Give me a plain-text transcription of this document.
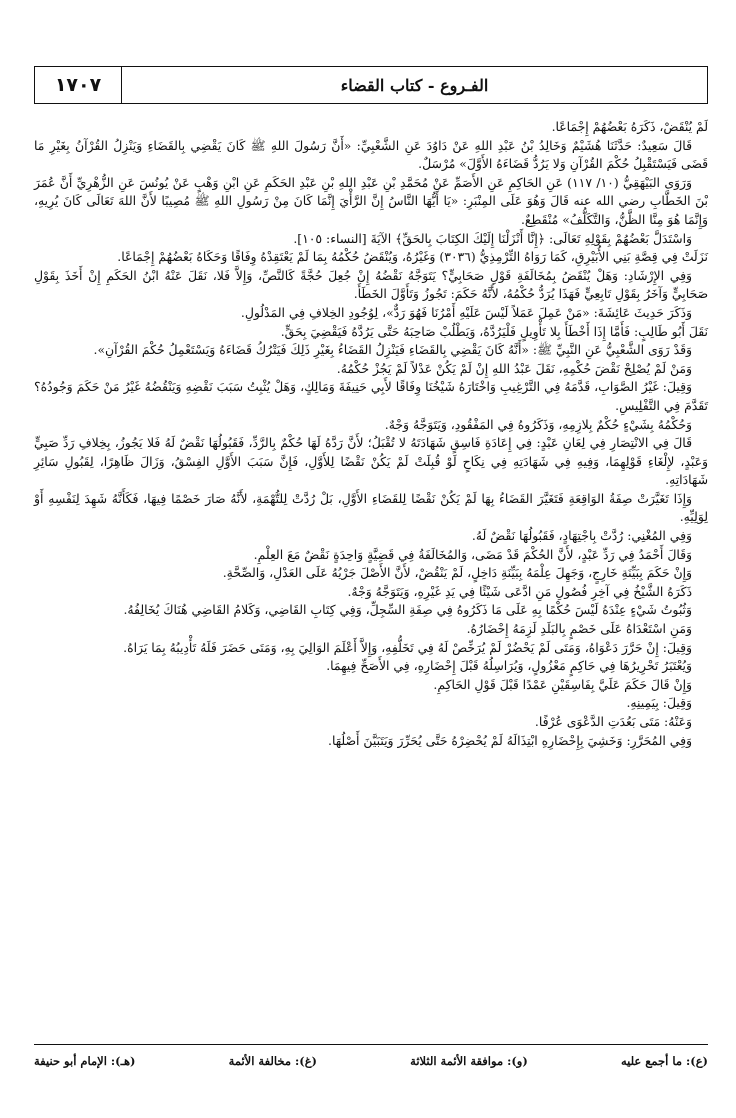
الفـروع - كتاب القضاء
١٧٠٧

لَمْ يُنْقَضْ، ذَكَرَهُ بَعْضُهُمْ إِجْمَاعًا.

قَالَ سَعِيدٌ: حَدَّثَنَا هُشَيْمٌ وَخَالِدُ بْنُ عَبْدِ اللهِ عَنْ دَاوُدَ عَنِ الشَّعْبِيِّ: «أَنَّ رَسُولَ اللهِ ﷺ كَانَ يَقْضِي بِالقَضَاءِ وَيَنْزِلُ القُرْآنُ بِغَيْرِ مَا قَضَى فَيَسْتَقْبِلُ حُكْمَ القُرْآنِ وَلا يَرُدُّ قَضَاءَهُ الأَوَّلَ» مُرْسَلٌ.

وَرَوَى البَيْهَقِيُّ (١٠/ ١١٧) عَنِ الحَاكِمِ عَنِ الأَصَمِّ عَنْ مُحَمَّدِ بْنِ عَبْدِ اللهِ بْنِ عَبْدِ الحَكَمِ عَنِ ابْنِ وَهْبٍ عَنْ يُونُسَ عَنِ الزُّهْرِيِّ أَنَّ عُمَرَ بْنَ الخَطَّابِ رضي الله عنه قَالَ وَهُوَ عَلَى المِنْبَرِ: «يَا أَيُّهَا النَّاسُ إِنَّ الرَّأْيَ إِنَّمَا كَانَ مِنْ رَسُولِ اللهِ ﷺ مُصِيبًا لأَنَّ اللهَ تَعَالَى كَانَ يُرِيهِ، وَإِنَّمَا هُوَ مِنَّا الظَّنُّ، وَالتَّكَلُّفُ» مُنْقَطِعٌ.

وَاسْتَدَلَّ بَعْضُهُمْ بِقَوْلِهِ تَعَالَى: ﴿إِنَّا أَنْزَلْنَا إِلَيْكَ الكِتَابَ بِالحَقِّ﴾ الآيَةَ [النساء: ١٠٥].

نَزَلَتْ فِي قِصَّةِ بَنِي الأُبَيْرِقِ، كَمَا رَوَاهُ التِّرْمِذِيُّ (٣٠٣٦) وَغَيْرُهُ، وَيُنْقَضُ حُكْمُهُ بِمَا لَمْ يَعْتَقِدْهُ وِفَاقًا وَحَكَاهُ بَعْضُهُمْ إِجْمَاعًا.

وَفِي الإِرْشَادِ: وَهَلْ يُنْقَضُ بِمُخَالَفَةِ قَوْلِ صَحَابِيٍّ؟ يَتَوَجَّهُ نَقْضُهُ إِنْ جُعِلَ حُجَّةً كَالنَّصِّ، وَإِلاَّ فَلا، نَقَلَ عَنْهُ ابْنُ الحَكَمِ إِنْ أَخَذَ بِقَوْلِ صَحَابِيٍّ وَآخَرُ بِقَوْلِ تَابِعِيٍّ فَهَذَا يُرَدُّ حُكْمُهُ، لأَنَّهُ حَكَمَ: تَجُوزُ وَتَأَوَّلَ الخَطَأَ.

وَذَكَرَ حَدِيثَ عَائِشَةَ: «مَنْ عَمِلَ عَمَلاً لَيْسَ عَلَيْهِ أَمْرُنَا فَهُوَ رَدٌّ»، لِوُجُودِ الخِلافِ فِي المَدْلُولِ.

نَقَلَ أَبُو طَالِبٍ: فَأَمَّا إِذَا أَخْطَأَ بِلا تَأْوِيلٍ فَلْيَرُدَّهُ، وَيَطْلُبْ صَاحِبَهُ حَتَّى يَرُدَّهُ فَيَقْضِيَ بِحَقٍّ.

وَقَدْ رَوَى الشَّعْبِيُّ عَنِ النَّبِيِّ ﷺ: «أَنَّهُ كَانَ يَقْضِي بِالقَضَاءِ فَيَنْزِلُ القَضَاءُ بِغَيْرِ ذَلِكَ فَيَتْرُكُ قَضَاءَهُ وَيَسْتَعْمِلُ حُكْمَ القُرْآنِ».

وَمَنْ لَمْ يُصْلِحْ نَقْضَ حُكْمِهِ، نَقَلَ عَبْدُ اللهِ إِنْ لَمْ يَكُنْ عَدْلاً لَمْ يَجُزْ حُكْمُهُ.

وَقِيلَ: غَيْرُ الصَّوَابِ، قَدَّمَهُ فِي التَّرْغِيبِ وَاخْتَارَهُ شَيْخُنَا وِفَاقًا لأَبِي حَنِيفَةَ وَمَالِكٍ، وَهَلْ يُثْبِتُ سَبَبَ نَقْضِهِ وَيَنْقُضُهُ غَيْرُ مَنْ حَكَمَ وَجُودُهُ؟ تَقَدَّمَ فِي التَّفْلِيسِ.

وَحُكْمُهُ بِشَيْءٍ حُكْمٌ بِلازِمِهِ، وَذَكَرُوهُ فِي المَفْقُودِ، وَيَتَوَجَّهُ وَجْهٌ.

قَالَ فِي الانْتِصَارِ فِي لِعَانِ عَبْدٍ: فِي إِعَادَةِ فَاسِقٍ شَهَادَتَهُ لا تُقْبَلُ؛ لأَنَّ رَدَّهُ لَهَا حُكْمٌ بِالرَّدِّ، فَقَبُولُهَا نَقْضٌ لَهُ فَلا يَجُوزُ، بِخِلافِ رَدِّ صَبِيٍّ وَعَبْدٍ، لإِلْغَاءِ قَوْلِهِمَا، وَفِيهِ فِي شَهَادَتِهِ فِي نِكَاحٍ لَوْ قُبِلَتْ لَمْ يَكُنْ نَقْضًا لِلأَوَّلِ، فَإِنَّ سَبَبَ الأَوَّلِ الفِسْقُ، وَزَالَ ظَاهِرًا، لِقَبُولِ سَائِرِ شَهَادَاتِهِ.

وَإِذَا تَغَيَّرَتْ صِفَةُ الوَاقِعَةِ فَتَغَيَّرَ القَضَاءُ بِهَا لَمْ يَكُنْ نَقْضًا لِلقَضَاءِ الأَوَّلِ، بَلْ رُدَّتْ لِلتُّهْمَةِ، لأَنَّهُ صَارَ خَصْمًا فِيهَا، فَكَأَنَّهُ شَهِدَ لِنَفْسِهِ أَوْ لِوَلِيِّهِ.

وَفِي المُغْنِي: رُدَّتْ بِاجْتِهَادٍ، فَقَبُولُهَا نَقْضٌ لَهُ.

وَقَالَ أَحْمَدُ فِي رَدِّ عَبْدٍ، لأَنَّ الحُكْمَ قَدْ مَضَى، وَالمُخَالَفَةُ فِي قَضِيَّةٍ وَاحِدَةٍ نَقْضٌ مَعَ العِلْمِ.

وَإِنْ حَكَمَ بِبَيِّنَةِ خَارِجٍ، وَجَهِلَ عِلْمَهُ بِبَيِّنَةِ دَاخِلٍ، لَمْ يَنْقُضْ، لأَنَّ الأَصْلَ جَرْيُهُ عَلَى العَدْلِ، وَالصِّحَّةِ.

ذَكَرَهُ الشَّيْخُ فِي آخِرِ فُصُولِ مَنِ ادَّعَى شَيْئًا فِي يَدِ غَيْرِهِ، وَيَتَوَجَّهُ وَجْهٌ.

وَثُبُوتُ شَيْءٍ عِنْدَهُ لَيْسَ حُكْمًا بِهِ عَلَى مَا ذَكَرُوهُ فِي صِفَةِ السِّجِلِّ، وَفِي كِتَابِ القَاضِي، وَكَلامُ القَاضِي هُنَاكَ يُخَالِفُهُ.

وَمَنِ اسْتَعْدَاهُ عَلَى خَصْمٍ بِالبَلَدِ لَزِمَهُ إِحْضَارُهُ.

وَقِيلَ: إِنْ حَرَّرَ دَعْوَاهُ، وَمَتَى لَمْ يَحْضُرْ لَمْ يُرَخِّصْ لَهُ فِي تَخَلُّفِهِ، وَإِلاَّ أَعْلَمَ الوَالِيَ بِهِ، وَمَتَى حَضَرَ فَلَهُ تَأْدِيبُهُ بِمَا يَرَاهُ.

وَيُعْتَبَرُ تَحْرِيرُهَا فِي حَاكِمٍ مَعْزُولٍ، وَيُرَاسِلُهُ قَبْلَ إِحْضَارِهِ، فِي الأَصَحِّ فِيهِمَا.

وَإِنْ قَالَ حَكَمَ عَلَيَّ بِفَاسِقَيْنِ عَمْدًا قَبْلَ قَوْلِ الحَاكِمِ.

وَقِيلَ: بِيَمِينِهِ.

وَعَنْهُ: مَتَى بَعُدَتِ الدَّعْوَى عُرْفًا.

وَفِي المُحَرَّرِ: وَخَشِيَ بِإِحْضَارِهِ ابْتِذَالَهُ لَمْ يُحْضِرْهُ حَتَّى يُحَرِّرَ وَيَتَبَيَّنَ أَصْلُهَا.

(ع): ما أجمع عليه
(و): موافقة الأئمة الثلاثة
(غ): مخالفة الأئمة
(هـ): الإمام أبو حنيفة
